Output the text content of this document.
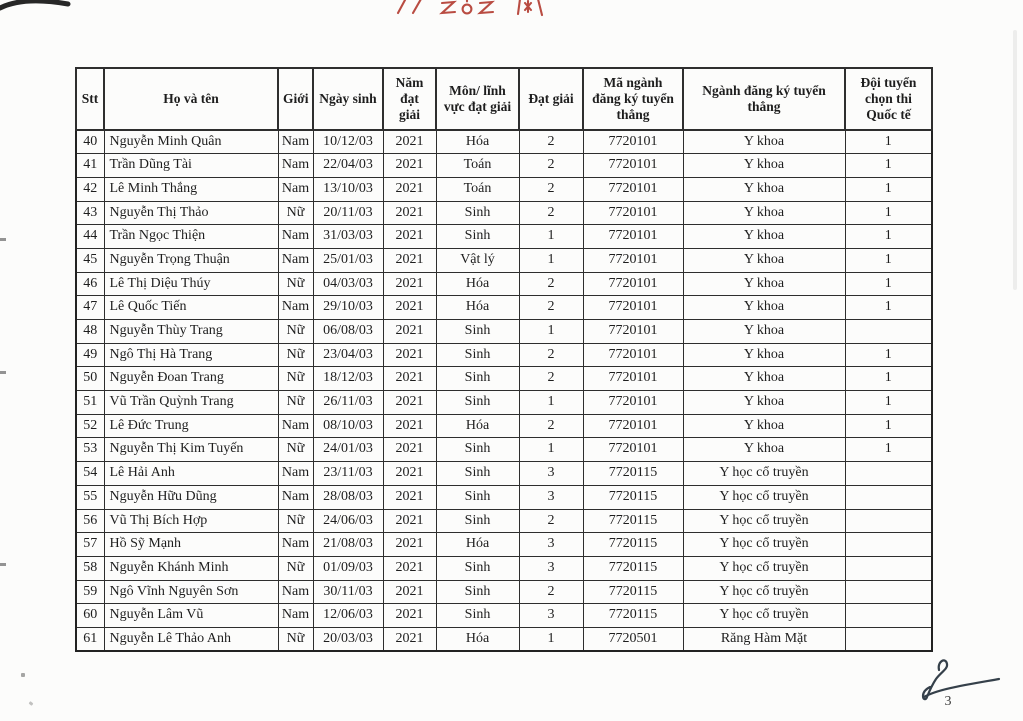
Stt	Họ và tên	Giới	Ngày sinh	Năm đạt giải	Môn/ lĩnh vực đạt giải	Đạt giải	Mã ngành đăng ký tuyển thẳng	Ngành đăng ký tuyển thẳng	Đội tuyển chọn thi Quốc tế
40	Nguyễn Minh Quân	Nam	10/12/03	2021	Hóa	2	7720101	Y khoa	1
41	Trần Dũng Tài	Nam	22/04/03	2021	Toán	2	7720101	Y khoa	1
42	Lê Minh Thắng	Nam	13/10/03	2021	Toán	2	7720101	Y khoa	1
43	Nguyễn Thị Thảo	Nữ	20/11/03	2021	Sinh	2	7720101	Y khoa	1
44	Trần Ngọc Thiện	Nam	31/03/03	2021	Sinh	1	7720101	Y khoa	1
45	Nguyễn Trọng Thuận	Nam	25/01/03	2021	Vật lý	1	7720101	Y khoa	1
46	Lê Thị Diệu Thúy	Nữ	04/03/03	2021	Hóa	2	7720101	Y khoa	1
47	Lê Quốc Tiến	Nam	29/10/03	2021	Hóa	2	7720101	Y khoa	1
48	Nguyễn Thùy Trang	Nữ	06/08/03	2021	Sinh	1	7720101	Y khoa	
49	Ngô Thị Hà Trang	Nữ	23/04/03	2021	Sinh	2	7720101	Y khoa	1
50	Nguyễn Đoan Trang	Nữ	18/12/03	2021	Sinh	2	7720101	Y khoa	1
51	Vũ Trần Quỳnh Trang	Nữ	26/11/03	2021	Sinh	1	7720101	Y khoa	1
52	Lê Đức Trung	Nam	08/10/03	2021	Hóa	2	7720101	Y khoa	1
53	Nguyễn Thị Kim Tuyến	Nữ	24/01/03	2021	Sinh	1	7720101	Y khoa	1
54	Lê Hải Anh	Nam	23/11/03	2021	Sinh	3	7720115	Y học cổ truyền	
55	Nguyễn Hữu Dũng	Nam	28/08/03	2021	Sinh	3	7720115	Y học cổ truyền	
56	Vũ Thị Bích Hợp	Nữ	24/06/03	2021	Sinh	2	7720115	Y học cổ truyền	
57	Hồ Sỹ Mạnh	Nam	21/08/03	2021	Hóa	3	7720115	Y học cổ truyền	
58	Nguyễn Khánh Minh	Nữ	01/09/03	2021	Sinh	3	7720115	Y học cổ truyền	
59	Ngô Vĩnh Nguyên Sơn	Nam	30/11/03	2021	Sinh	2	7720115	Y học cổ truyền	
60	Nguyễn Lâm Vũ	Nam	12/06/03	2021	Sinh	3	7720115	Y học cổ truyền	
61	Nguyễn Lê Thảo Anh	Nữ	20/03/03	2021	Hóa	1	7720501	Răng Hàm Mặt	
3
